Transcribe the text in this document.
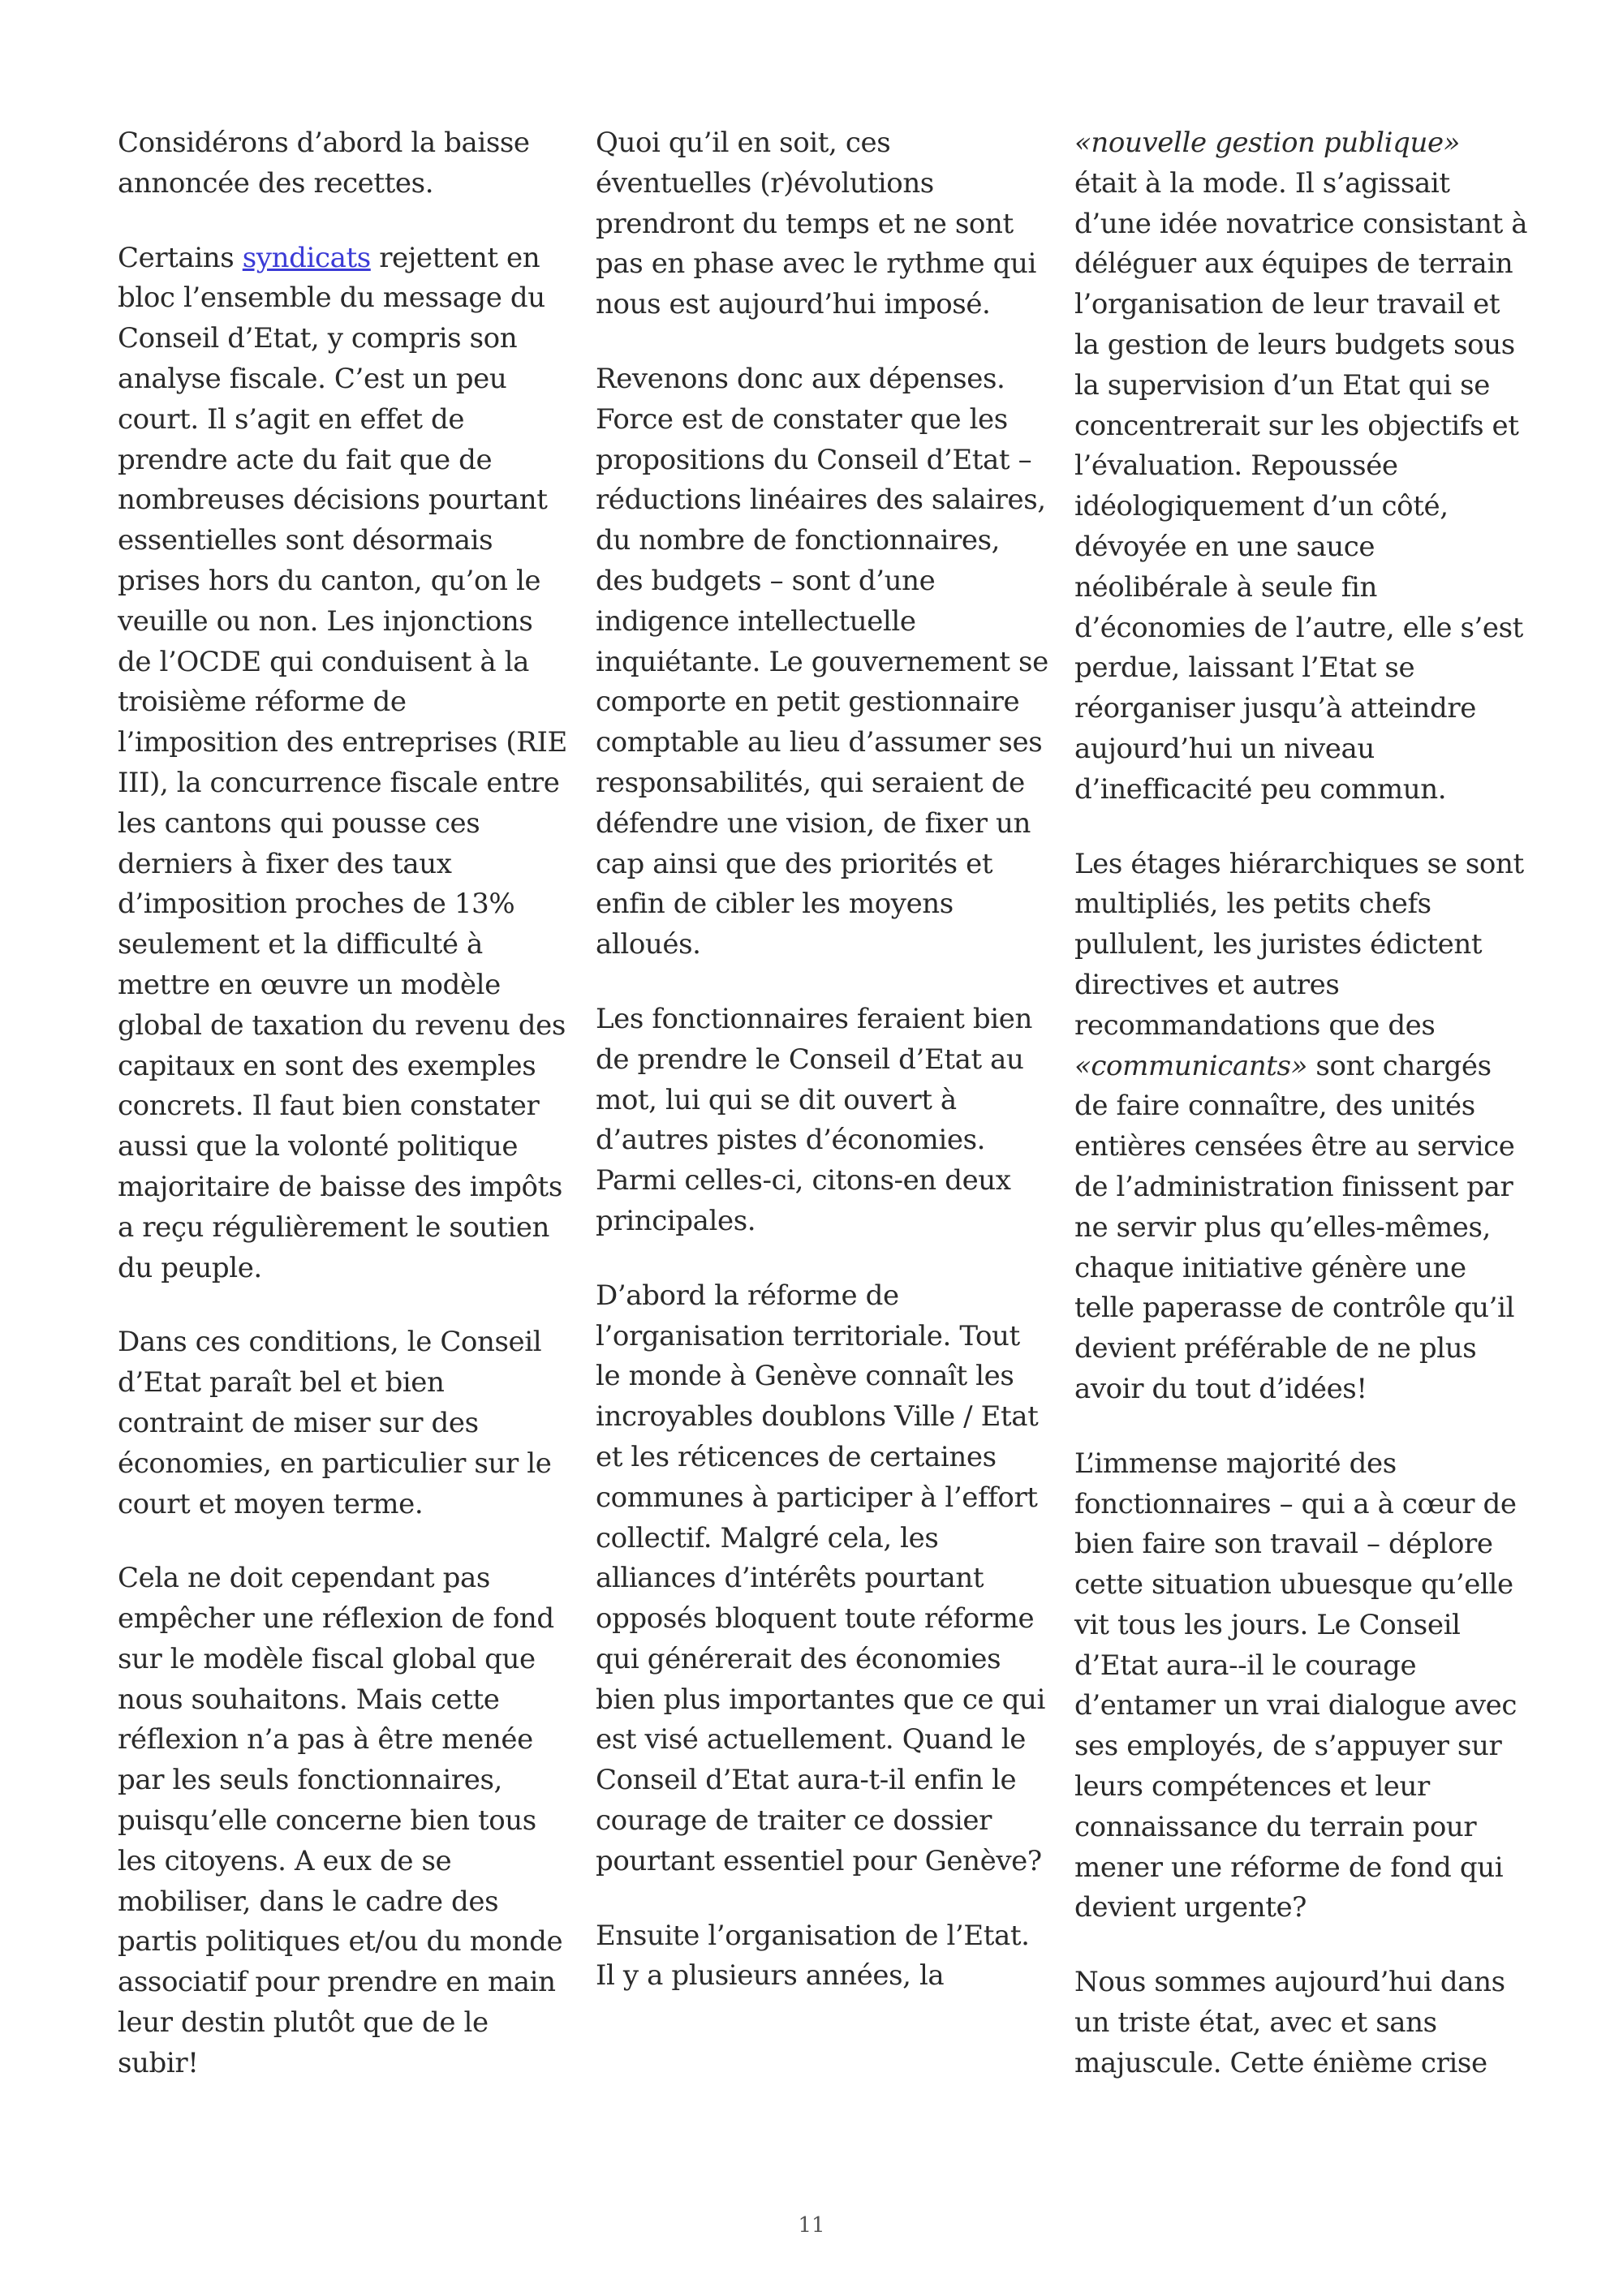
Considérons d’abord la baisse annoncée des recettes.

Certains syndicats rejettent en bloc l’ensemble du message du Conseil d’Etat, y compris son analyse fiscale. C’est un peu court. Il s’agit en effet de prendre acte du fait que de nombreuses décisions pourtant essentielles sont désormais prises hors du canton, qu’on le veuille ou non. Les injonctions de l’OCDE qui conduisent à la troisième réforme de l’imposition des entreprises (RIE III), la concurrence fiscale entre les cantons qui pousse ces derniers à fixer des taux d’imposition proches de 13% seulement et la difficulté à mettre en œuvre un modèle global de taxation du revenu des capitaux en sont des exemples concrets. Il faut bien constater aussi que la volonté politique majoritaire de baisse des impôts a reçu régulièrement le soutien du peuple.

Dans ces conditions, le Conseil d’Etat paraît bel et bien contraint de miser sur des économies, en particulier sur le court et moyen terme.

Cela ne doit cependant pas empêcher une réflexion de fond sur le modèle fiscal global que nous souhaitons. Mais cette réflexion n’a pas à être menée par les seuls fonctionnaires, puisqu’elle concerne bien tous les citoyens. A eux de se mobiliser, dans le cadre des partis politiques et/ou du monde associatif pour prendre en main leur destin plutôt que de le subir!

Quoi qu’il en soit, ces éventuelles (r)évolutions prendront du temps et ne sont pas en phase avec le rythme qui nous est aujourd’hui imposé.

Revenons donc aux dépenses. Force est de constater que les propositions du Conseil d’Etat – réductions linéaires des salaires, du nombre de fonctionnaires, des budgets – sont d’une indigence intellectuelle inquiétante. Le gouvernement se comporte en petit gestionnaire comptable au lieu d’assumer ses responsabilités, qui seraient de défendre une vision, de fixer un cap ainsi que des priorités et enfin de cibler les moyens alloués.

Les fonctionnaires feraient bien de prendre le Conseil d’Etat au mot, lui qui se dit ouvert à d’autres pistes d’économies. Parmi celles-ci, citons-en deux principales.

D’abord la réforme de l’organisation territoriale. Tout le monde à Genève connaît les incroyables doublons Ville / Etat et les réticences de certaines communes à participer à l’effort collectif. Malgré cela, les alliances d’intérêts pourtant opposés bloquent toute réforme qui générerait des économies bien plus importantes que ce qui est visé actuellement. Quand le Conseil d’Etat aura-t-il enfin le courage de traiter ce dossier pourtant essentiel pour Genève?

Ensuite l’organisation de l’Etat. Il y a plusieurs années, la

«nouvelle gestion publique» était à la mode. Il s’agissait d’une idée novatrice consistant à déléguer aux équipes de terrain l’organisation de leur travail et la gestion de leurs budgets sous la supervision d’un Etat qui se concentrerait sur les objectifs et l’évaluation. Repoussée idéologiquement d’un côté, dévoyée en une sauce néolibérale à seule fin d’économies de l’autre, elle s’est perdue, laissant l’Etat se réorganiser jusqu’à atteindre aujourd’hui un niveau d’inefficacité peu commun.

Les étages hiérarchiques se sont multipliés, les petits chefs pullulent, les juristes édictent directives et autres recommandations que des «communicants» sont chargés de faire connaître, des unités entières censées être au service de l’administration finissent par ne servir plus qu’elles-mêmes, chaque initiative génère une telle paperasse de contrôle qu’il devient préférable de ne plus avoir du tout d’idées!

L’immense majorité des fonctionnaires – qui a à cœur de bien faire son travail – déplore cette situation ubuesque qu’elle vit tous les jours. Le Conseil d’Etat aura--il le courage d’entamer un vrai dialogue avec ses employés, de s’appuyer sur leurs compétences et leur connaissance du terrain pour mener une réforme de fond qui devient urgente?

Nous sommes aujourd’hui dans un triste état, avec et sans majuscule. Cette énième crise

11
